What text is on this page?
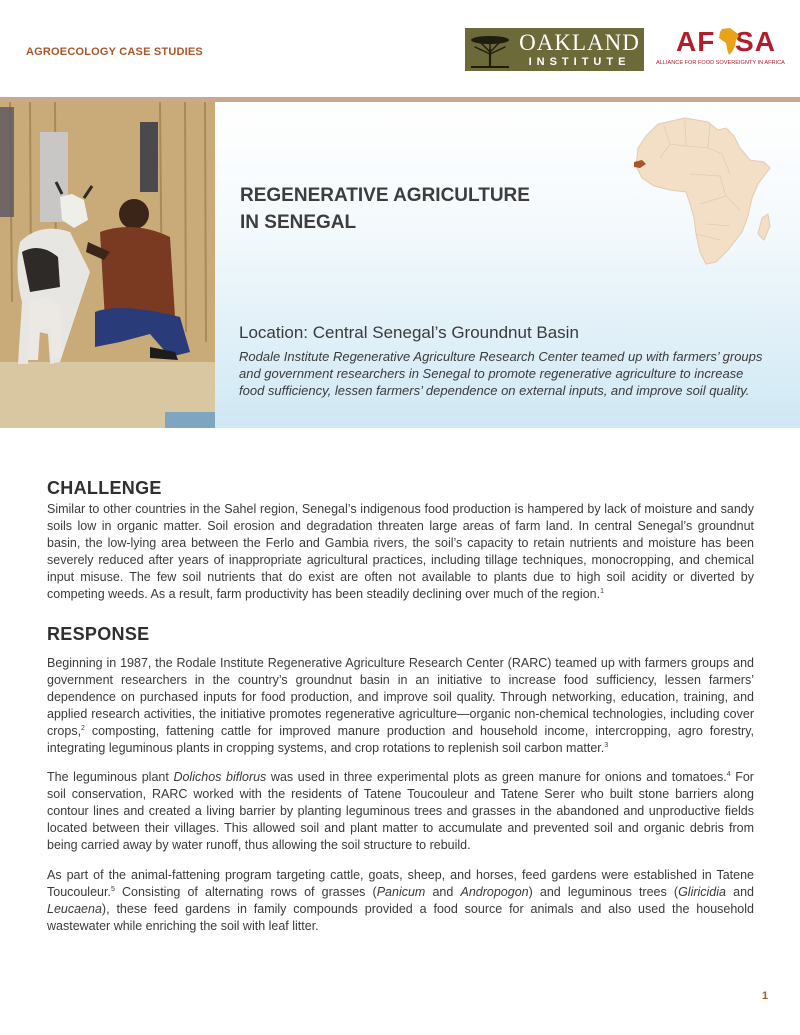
AGROECOLOGY CASE STUDIES	OAKLAND
INSTITUTE
AF SA
ALLIANCE FOR FOOD SOVEREIGNTY IN AFRICA
REGENERATIVE AGRICULTURE
IN SENEGAL
Location: Central Senegal’s Groundnut Basin
Rodale Institute Regenerative Agriculture Research Center teamed up with farmers’ groups and government researchers in Senegal to promote regenerative agriculture to increase food sufficiency, lessen farmers’ dependence on external inputs, and improve soil quality.
CHALLENGE

Similar to other countries in the Sahel region, Senegal’s indigenous food production is hampered by lack of moisture and sandy soils low in organic matter. Soil erosion and degradation threaten large areas of farm land. In central Senegal’s groundnut basin, the low-lying area between the Ferlo and Gambia rivers, the soil’s capacity to retain nutrients and moisture has been severely reduced after years of inappropriate agricultural practices, including tillage techniques, monocropping, and chemical input misuse. The few soil nutrients that do exist are often not available to plants due to high soil acidity or diverted by competing weeds. As a result, farm productivity has been steadily declining over much of the region.$^1$

RESPONSE

Beginning in 1987, the Rodale Institute Regenerative Agriculture Research Center (RARC) teamed up with farmers groups and government researchers in the country’s groundnut basin in an initiative to increase food sufficiency, lessen farmers’ dependence on purchased inputs for food production, and improve soil quality. Through networking, education, training, and applied research activities, the initiative promotes regenerative agriculture—organic non-chemical technologies, including cover crops,$^2$ composting, fattening cattle for improved manure production and household income, intercropping, agro forestry, integrating leguminous plants in cropping systems, and crop rotations to replenish soil carbon matter.$^3$

The leguminous plant Dolichos biflorus was used in three experimental plots as green manure for onions and tomatoes.$^4$ For soil conservation, RARC worked with the residents of Tatene Toucouleur and Tatene Serer who built stone barriers along contour lines and created a living barrier by planting leguminous trees and grasses in the abandoned and unproductive fields located between their villages. This allowed soil and plant matter to accumulate and prevented soil and organic debris from being carried away by water runoff, thus allowing the soil structure to rebuild.

As part of the animal-fattening program targeting cattle, goats, sheep, and horses, feed gardens were established in Tatene Toucouleur.$^5$ Consisting of alternating rows of grasses (Panicum and Andropogon) and leguminous trees (Gliricidia and Leucaena), these feed gardens in family compounds provided a food source for animals and also used the household wastewater while enriching the soil with leaf litter.

1
